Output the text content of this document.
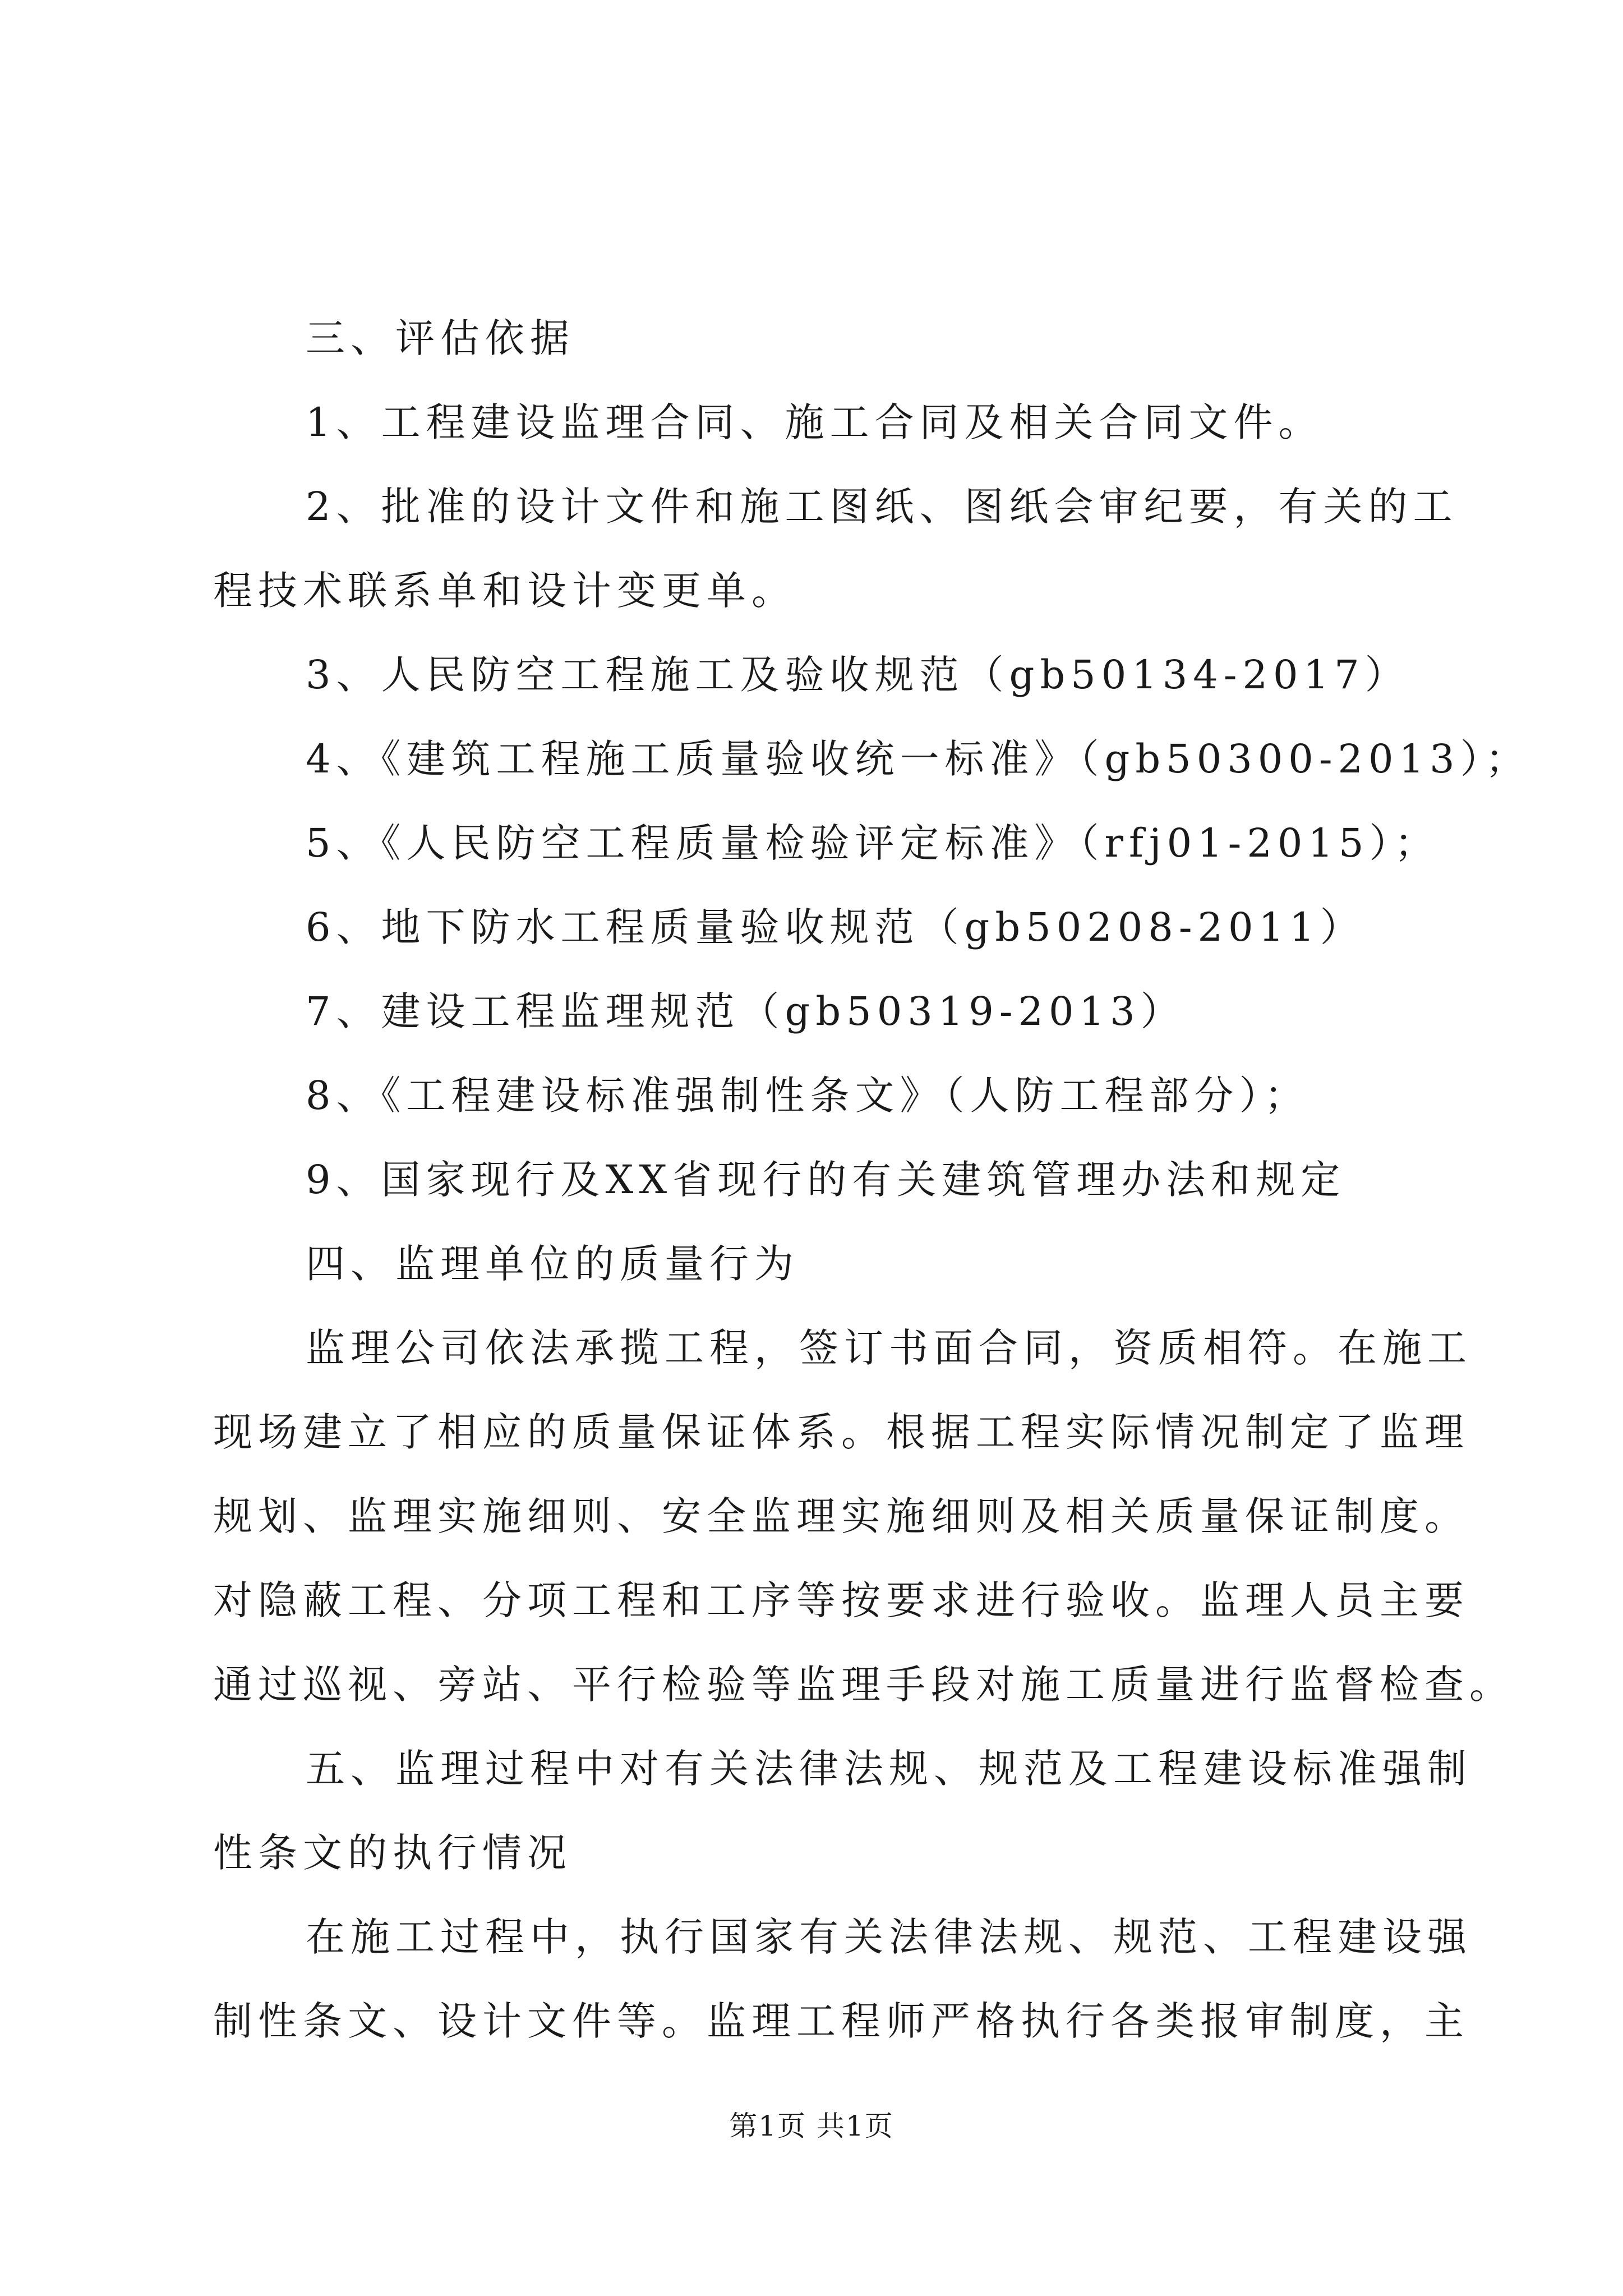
三、评估依据
1、工程建设监理合同、施工合同及相关合同文件。
2、批准的设计文件和施工图纸、图纸会审纪要，有关的工
程技术联系单和设计变更单。
3、人民防空工程施工及验收规范（gb50134-2017）
4、《建筑工程施工质量验收统一标准》（gb50300-2013）；
5、《人民防空工程质量检验评定标准》（rfj01-2015）；
6、地下防水工程质量验收规范（gb50208-2011）
7、建设工程监理规范（gb50319-2013）
8、《工程建设标准强制性条文》（人防工程部分）；
9、国家现行及XX省现行的有关建筑管理办法和规定
四、监理单位的质量行为
监理公司依法承揽工程，签订书面合同，资质相符。在施工
现场建立了相应的质量保证体系。根据工程实际情况制定了监理
规划、监理实施细则、安全监理实施细则及相关质量保证制度。
对隐蔽工程、分项工程和工序等按要求进行验收。监理人员主要
通过巡视、旁站、平行检验等监理手段对施工质量进行监督检查。
五、监理过程中对有关法律法规、规范及工程建设标准强制
性条文的执行情况
在施工过程中，执行国家有关法律法规、规范、工程建设强
制性条文、设计文件等。监理工程师严格执行各类报审制度，主
第1页 共1页
